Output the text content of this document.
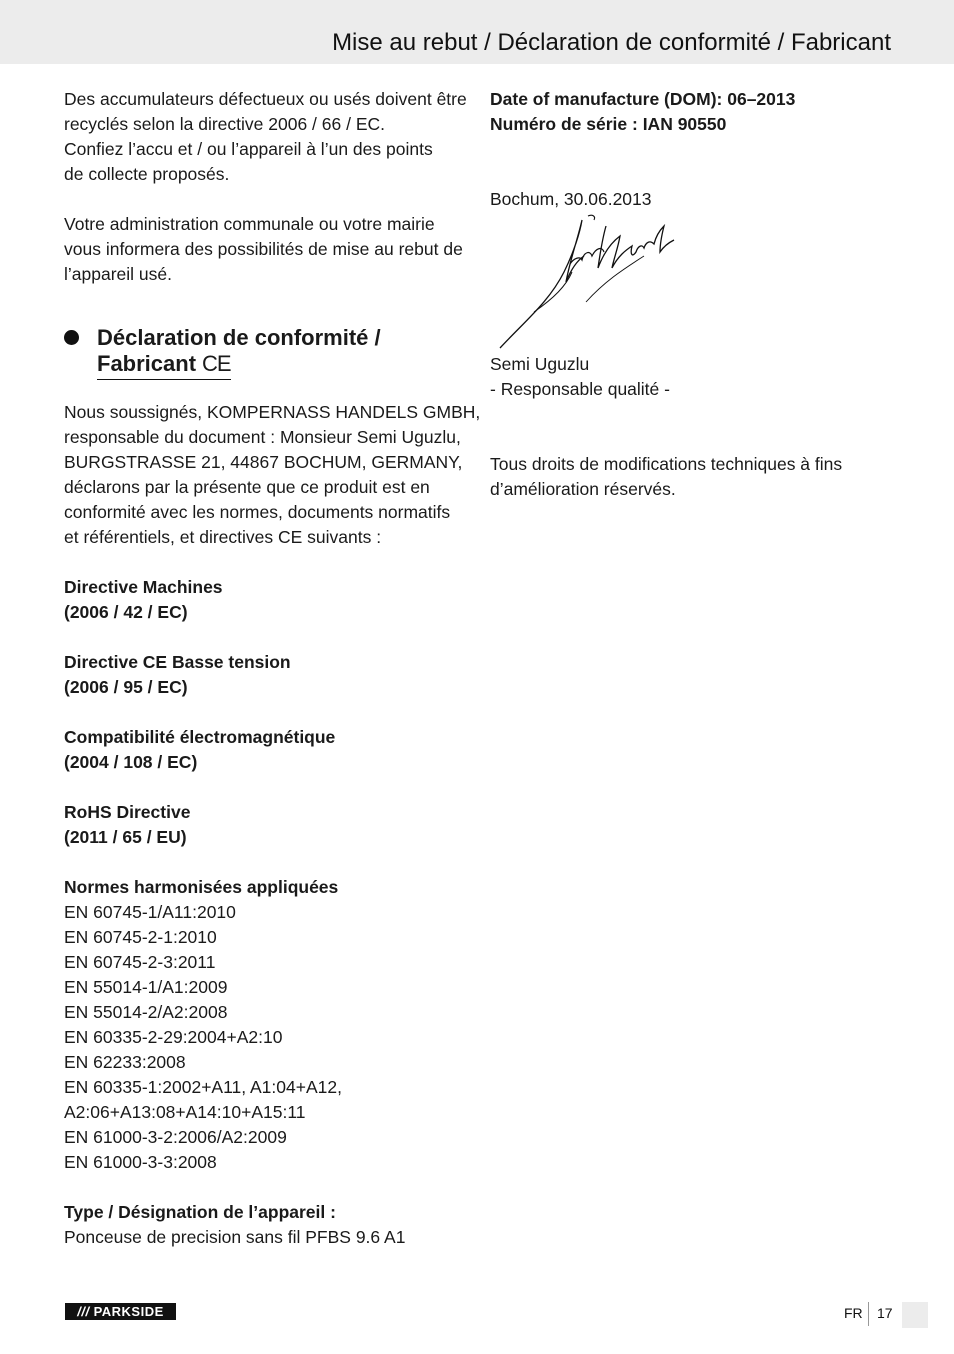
Mise au rebut / Déclaration de conformité / Fabricant
Des accumulateurs défectueux ou usés doivent être
recyclés selon la directive 2006 / 66 / EC.
Confiez l’accu et / ou l’appareil à l’un des points
de collecte proposés.
Votre administration communale ou votre mairie
vous informera des possibilités de mise au rebut de
l’appareil usé.
Déclaration de conformité /
Fabricant CE
Nous soussignés, KOMPERNASS HANDELS GMBH,
responsable du document : Monsieur Semi Uguzlu,
BURGSTRASSE 21, 44867 BOCHUM, GERMANY,
déclarons par la présente que ce produit est en
conformité avec les normes, documents normatifs
et référentiels, et directives CE suivants :
Directive Machines
(2006 / 42 / EC)
Directive CE Basse tension
(2006 / 95 / EC)
Compatibilité électromagnétique
(2004 / 108 / EC)
RoHS Directive
(2011 / 65 / EU)
Normes harmonisées appliquées
EN 60745-1/A11:2010
EN 60745-2-1:2010
EN 60745-2-3:2011
EN 55014-1/A1:2009
EN 55014-2/A2:2008
EN 60335-2-29:2004+A2:10
EN 62233:2008
EN 60335-1:2002+A11, A1:04+A12,
A2:06+A13:08+A14:10+A15:11
EN 61000-3-2:2006/A2:2009
EN 61000-3-3:2008
Type / Désignation de l’appareil :
Ponceuse de precision sans fil PFBS 9.6 A1
Date of manufacture (DOM): 06–2013
Numéro de série : IAN 90550
Bochum, 30.06.2013
Semi Uguzlu
- Responsable qualité -
Tous droits de modifications techniques à fins
d’amélioration réservés.
/// PARKSIDE	FR 17
